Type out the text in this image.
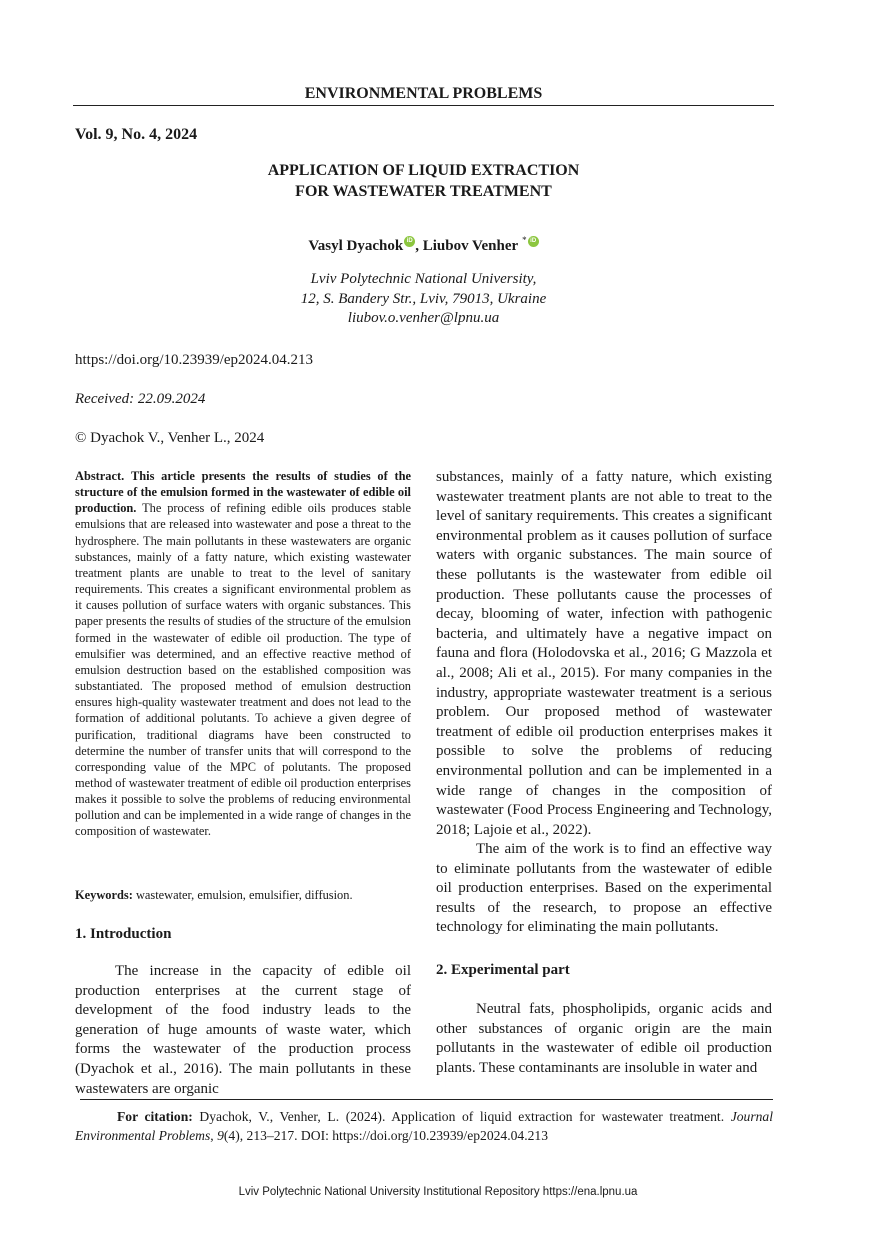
ENVIRONMENTAL PROBLEMS
Vol. 9, No. 4, 2024
APPLICATION OF LIQUID EXTRACTION
FOR WASTEWATER TREATMENT
Vasyl Dyachok iD , Liubov Venher * iD
Lviv Polytechnic National University,
12, S. Bandery Str., Lviv, 79013, Ukraine
liubov.o.venher@lpnu.ua
https://doi.org/10.23939/ep2024.04.213
Received: 22.09.2024
© Dyachok V., Venher L., 2024
Abstract. This article presents the results of studies of the structure of the emulsion formed in the wastewater of edible oil production. The process of refining edible oils produces stable emulsions that are released into wastewater and pose a threat to the hydrosphere. The main pollutants in these wastewaters are organic substances, mainly of a fatty nature, which existing wastewater treatment plants are unable to treat to the level of sanitary requirements. This creates a significant environmental problem as it causes pollution of surface waters with organic substances. This paper presents the results of studies of the structure of the emulsion formed in the wastewater of edible oil production. The type of emulsifier was determined, and an effective reactive method of emulsion destruction based on the established composition was substantiated. The proposed method of emulsion destruction ensures high-quality wastewater treatment and does not lead to the formation of additional polutants. To achieve a given degree of purification, traditional diagrams have been constructed to determine the number of transfer units that will correspond to the corresponding value of the MPC of polutants. The proposed method of wastewater treatment of edible oil production enterprises makes it possible to solve the problems of reducing environmental pollution and can be implemented in a wide range of changes in the composition of wastewater.
Keywords: wastewater, emulsion, emulsifier, diffusion.
1. Introduction
The increase in the capacity of edible oil production enterprises at the current stage of development of the food industry leads to the generation of huge amounts of waste water, which forms the wastewater of the production process (Dyachok et al., 2016). The main pollutants in these wastewaters are organic
substances, mainly of a fatty nature, which existing wastewater treatment plants are not able to treat to the level of sanitary requirements. This creates a significant environmental problem as it causes pollution of surface waters with organic substances. The main source of these pollutants is the wastewater from edible oil production. These pollutants cause the processes of decay, blooming of water, infection with pathogenic bacteria, and ultimately have a negative impact on fauna and flora (Holodovska et al., 2016; G Mazzola et al., 2008; Ali et al., 2015). For many companies in the industry, appropriate wastewater treatment is a serious problem. Our proposed method of wastewater treatment of edible oil production enterprises makes it possible to solve the problems of reducing environmental pollution and can be implemented in a wide range of changes in the composition of wastewater (Food Process Engineering and Technology, 2018; Lajoie et al., 2022).
The aim of the work is to find an effective way to eliminate pollutants from the wastewater of edible oil production enterprises. Based on the experimental results of the research, to propose an effective technology for eliminating the main pollutants.
2. Experimental part
Neutral fats, phospholipids, organic acids and other substances of organic origin are the main pollutants in the wastewater of edible oil production plants. These contaminants are insoluble in water and
For citation: Dyachok, V., Venher, L. (2024). Application of liquid extraction for wastewater treatment. Journal Environmental Problems, 9(4), 213–217. DOI: https://doi.org/10.23939/ep2024.04.213
Lviv Polytechnic National University Institutional Repository https://ena.lpnu.ua
